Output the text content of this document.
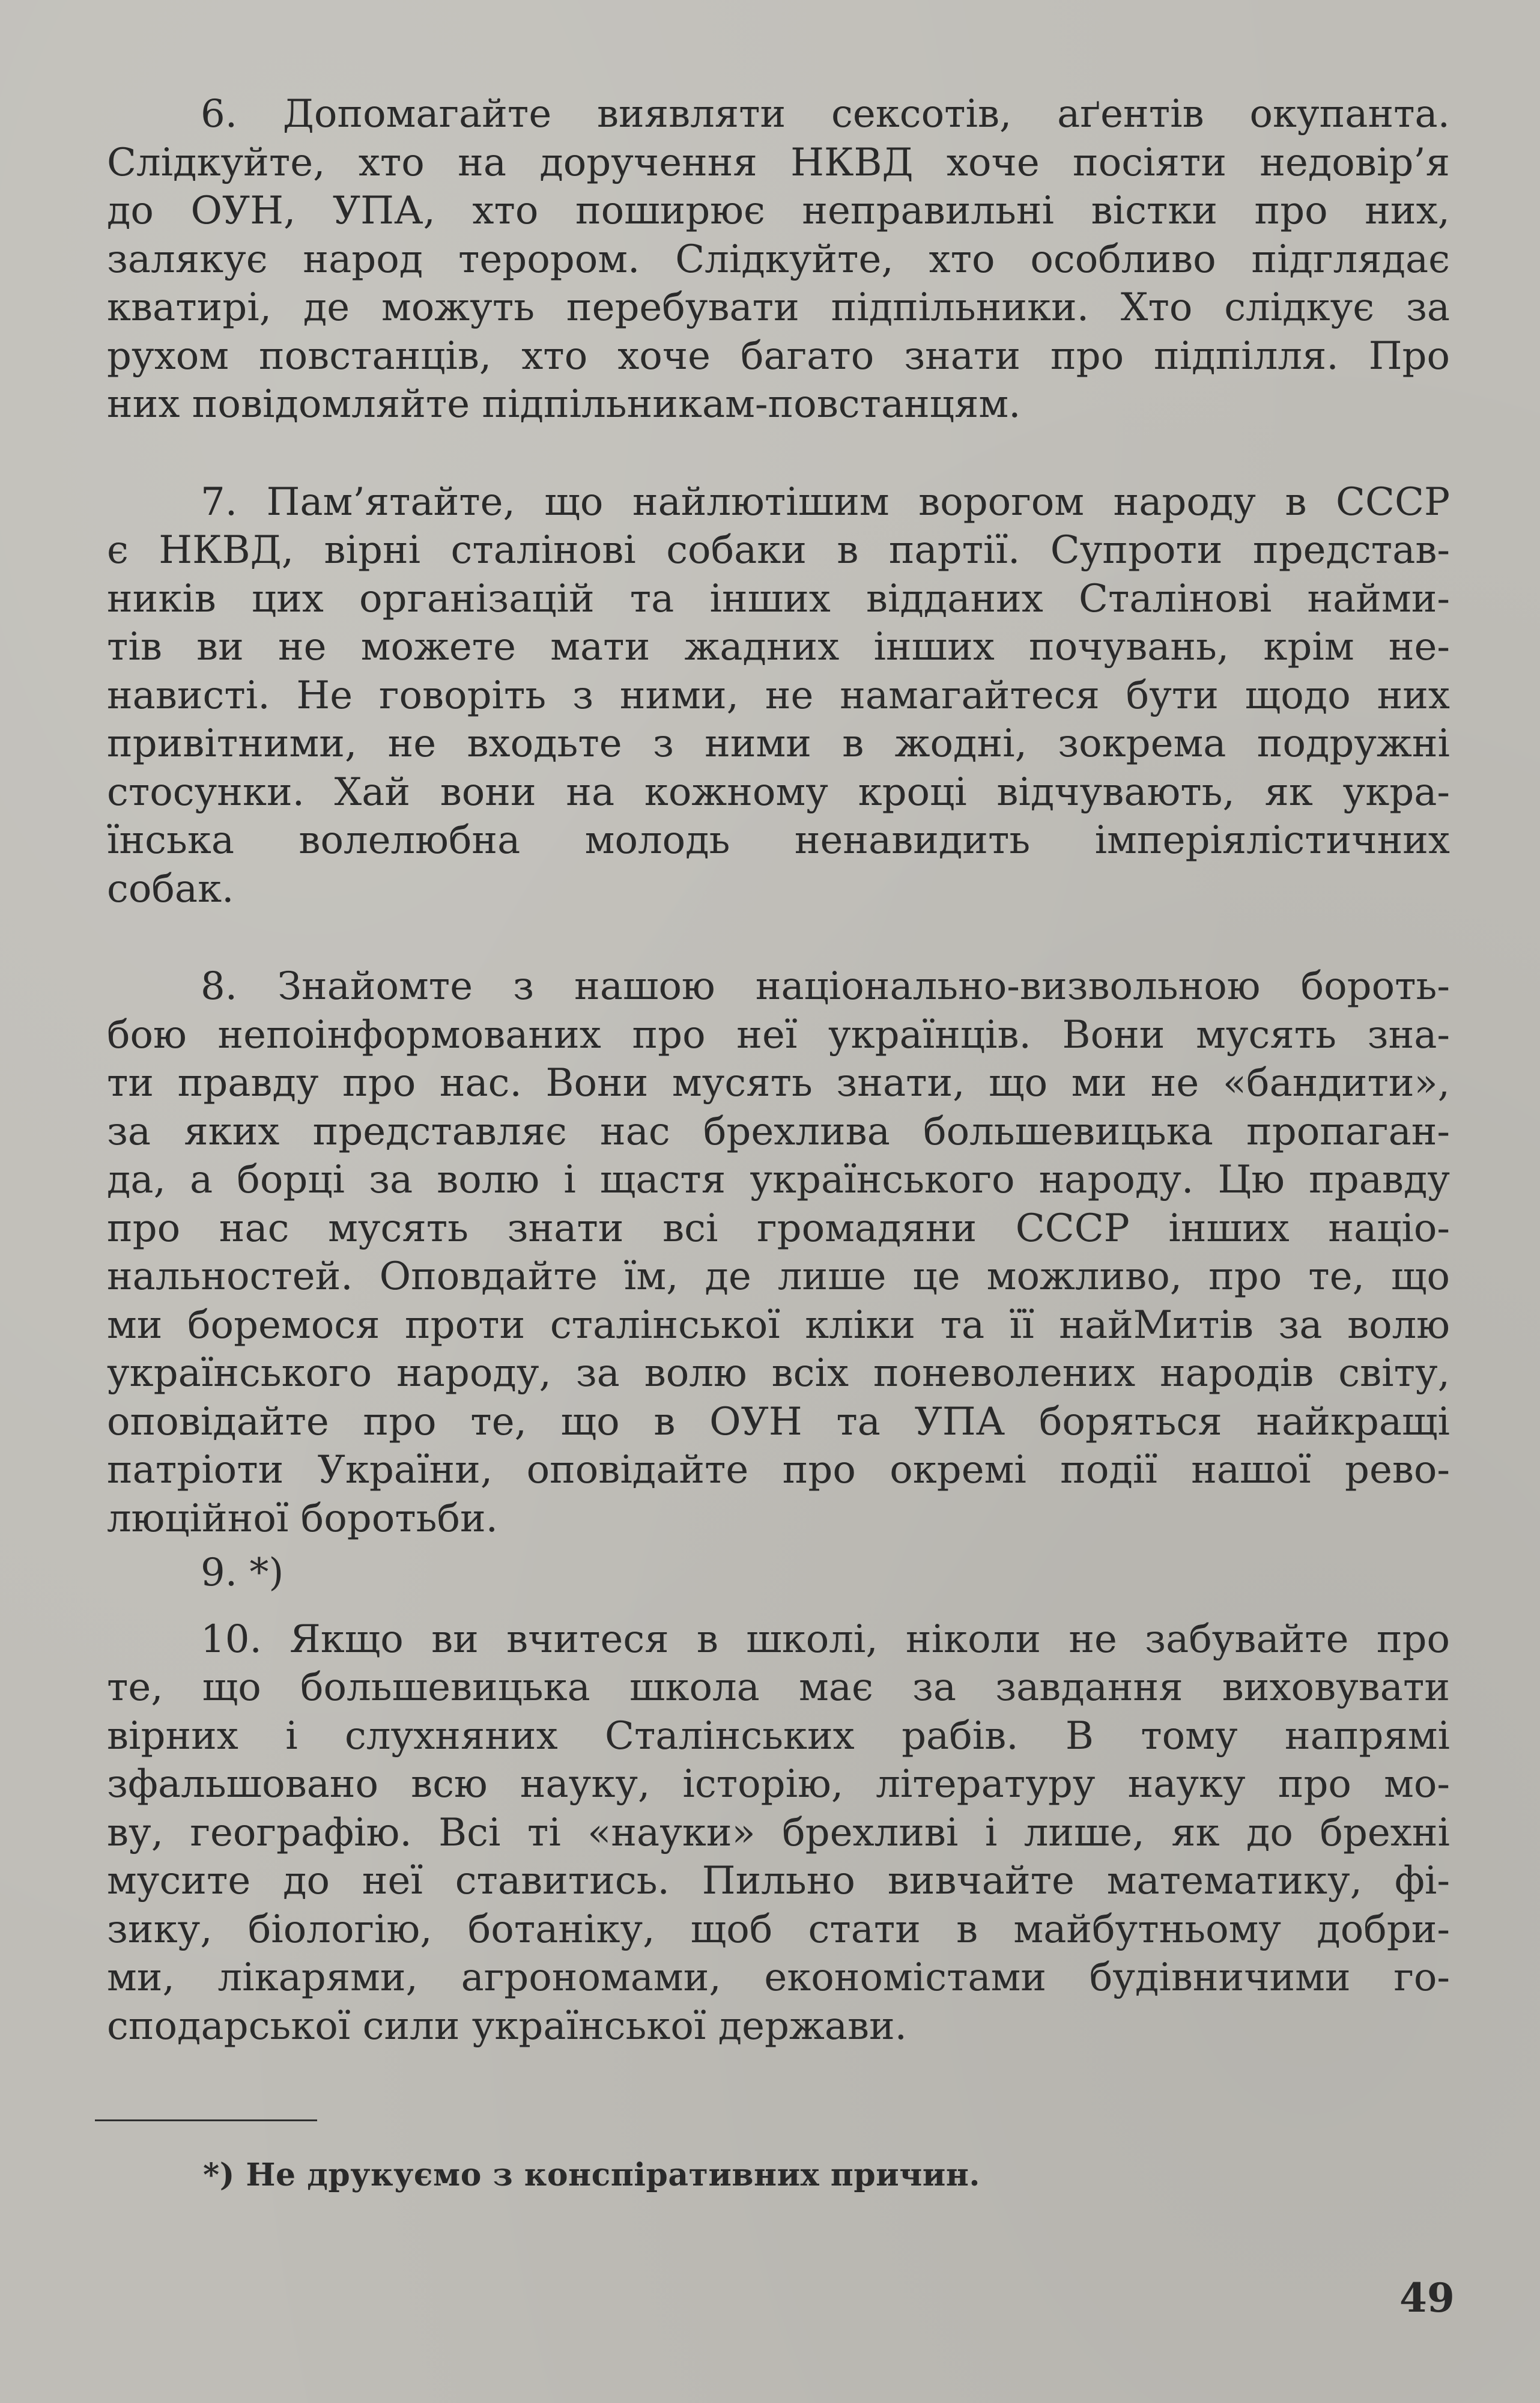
6. Допомагайте виявляти сексотів, аґентів окупанта.
Слідкуйте, хто на доручення НКВД хоче посіяти недовір’я
до ОУН, УПА, хто поширює неправильні вістки про них,
залякує народ терором. Слідкуйте, хто особливо підглядає
кватирі, де можуть перебувати підпільники. Хто слідкує за
рухом повстанців, хто хоче багато знати про підпілля. Про
них повідомляйте підпільникам-повстанцям.
7. Пам’ятайте, що найлютішим ворогом народу в СССР
є НКВД, вірні сталінові собаки в партії. Супроти представ-
ників цих організацій та інших відданих Сталінові найми-
тів ви не можете мати жадних інших почувань, крім не-
нависті. Не говоріть з ними, не намагайтеся бути щодо них
привітними, не входьте з ними в жодні, зокрема подружні
стосунки. Хай вони на кожному кроці відчувають, як укра-
їнська волелюбна молодь ненавидить імперіялістичних
собак.
8. Знайомте з нашою національно-визвольною бороть-
бою непоінформованих про неї українців. Вони мусять зна-
ти правду про нас. Вони мусять знати, що ми не «бандити»,
за яких представляє нас брехлива большевицька пропаган-
да, а борці за волю і щастя українського народу. Цю правду
про нас мусять знати всі громадяни СССР інших націо-
нальностей. Оповдайте їм, де лише це можливо, про те, що
ми боремося проти сталінської кліки та її найМитів за волю
українського народу, за волю всіх поневолених народів світу,
оповідайте про те, що в ОУН та УПА боряться найкращі
патріоти України, оповідайте про окремі події нашої рево-
люційної боротьби.
9. *)
10. Якщо ви вчитеся в школі, ніколи не забувайте про
те, що большевицька школа має за завдання виховувати
вірних і слухняних Сталінських рабів. В тому напрямі
зфальшовано всю науку, історію, літературу науку про мо-
ву, географію. Всі ті «науки» брехливі і лише, як до брехні
мусите до неї ставитись. Пильно вивчайте математику, фі-
зику, біологію, ботаніку, щоб стати в майбутньому добри-
ми, лікарями, агрономами, економістами будівничими го-
сподарської сили української держави.
*) Не друкуємо з конспіративних причин.
49
